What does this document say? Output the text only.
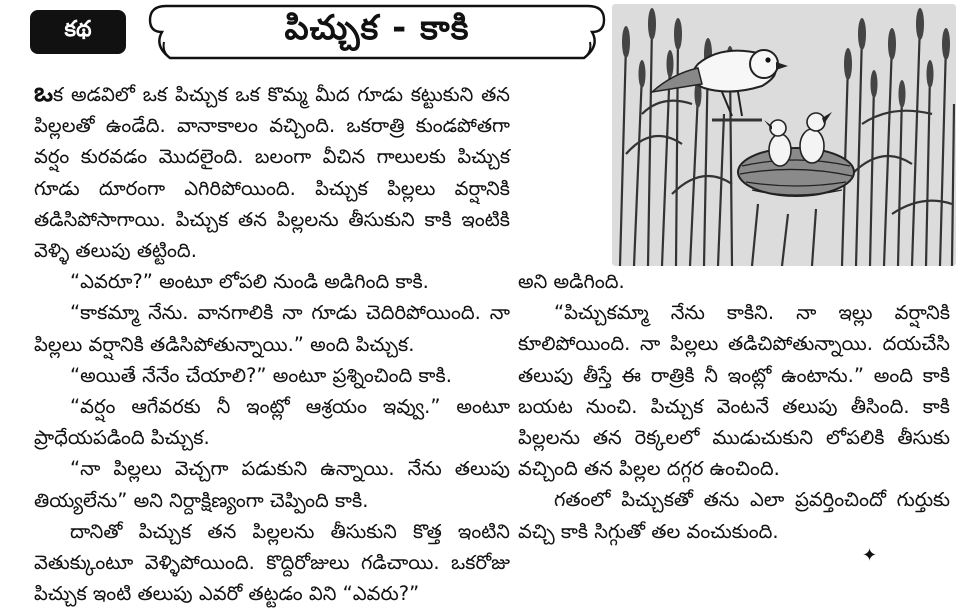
కథ	పిచ్చుక - కాకి

ఒక అడవిలో ఒక పిచ్చుక ఒక కొమ్మ మీద గూడు కట్టుకుని తన పిల్లలతో ఉండేది. వానాకాలం వచ్చింది. ఒకరాత్రి కుండపోతగా వర్షం కురవడం మొదలైంది. బలంగా వీచిన గాలులకు పిచ్చుక గూడు దూరంగా ఎగిరిపోయింది. పిచ్చుక పిల్లలు వర్షానికి తడిసిపోసాగాయి. పిచ్చుక తన పిల్లలను తీసుకుని కాకి ఇంటికి వెళ్ళి తలుపు తట్టింది.

“ఎవరూ?” అంటూ లోపలి నుండి అడిగింది కాకి.

“కాకమ్మా నేను. వానగాలికి నా గూడు చెదిరిపోయింది. నా పిల్లలు వర్షానికి తడిసిపోతున్నాయి.” అంది పిచ్చుక.

“అయితే నేనేం చేయాలి?” అంటూ ప్రశ్నించింది కాకి.

“వర్షం ఆగేవరకు నీ ఇంట్లో ఆశ్రయం ఇవ్వు.” అంటూ ప్రాధేయపడింది పిచ్చుక.

“నా పిల్లలు వెచ్చగా పడుకుని ఉన్నాయి. నేను తలుపు తియ్యలేను” అని నిర్దాక్షిణ్యంగా చెప్పింది కాకి.

దానితో పిచ్చుక తన పిల్లలను తీసుకుని కొత్త ఇంటిని వెతుక్కుంటూ వెళ్ళిపోయింది. కొద్దిరోజులు గడిచాయి. ఒకరోజు పిచ్చుక ఇంటి తలుపు ఎవరో తట్టడం విని “ఎవరు?”

అని అడిగింది.

“పిచ్చుకమ్మా నేను కాకిని. నా ఇల్లు వర్షానికి కూలిపోయింది. నా పిల్లలు తడిచిపోతున్నాయి. దయచేసి తలుపు తీస్తే ఈ రాత్రికి నీ ఇంట్లో ఉంటాను.” అంది కాకి బయట నుంచి. పిచ్చుక వెంటనే తలుపు తీసింది. కాకి పిల్లలను తన రెక్కలలో ముడుచుకుని లోపలికి తీసుకు వచ్చింది తన పిల్లల దగ్గర ఉంచింది.

గతంలో పిచ్చుకతో తను ఎలా ప్రవర్తించిందో గుర్తుకు వచ్చి కాకి సిగ్గుతో తల వంచుకుంది.

✦
